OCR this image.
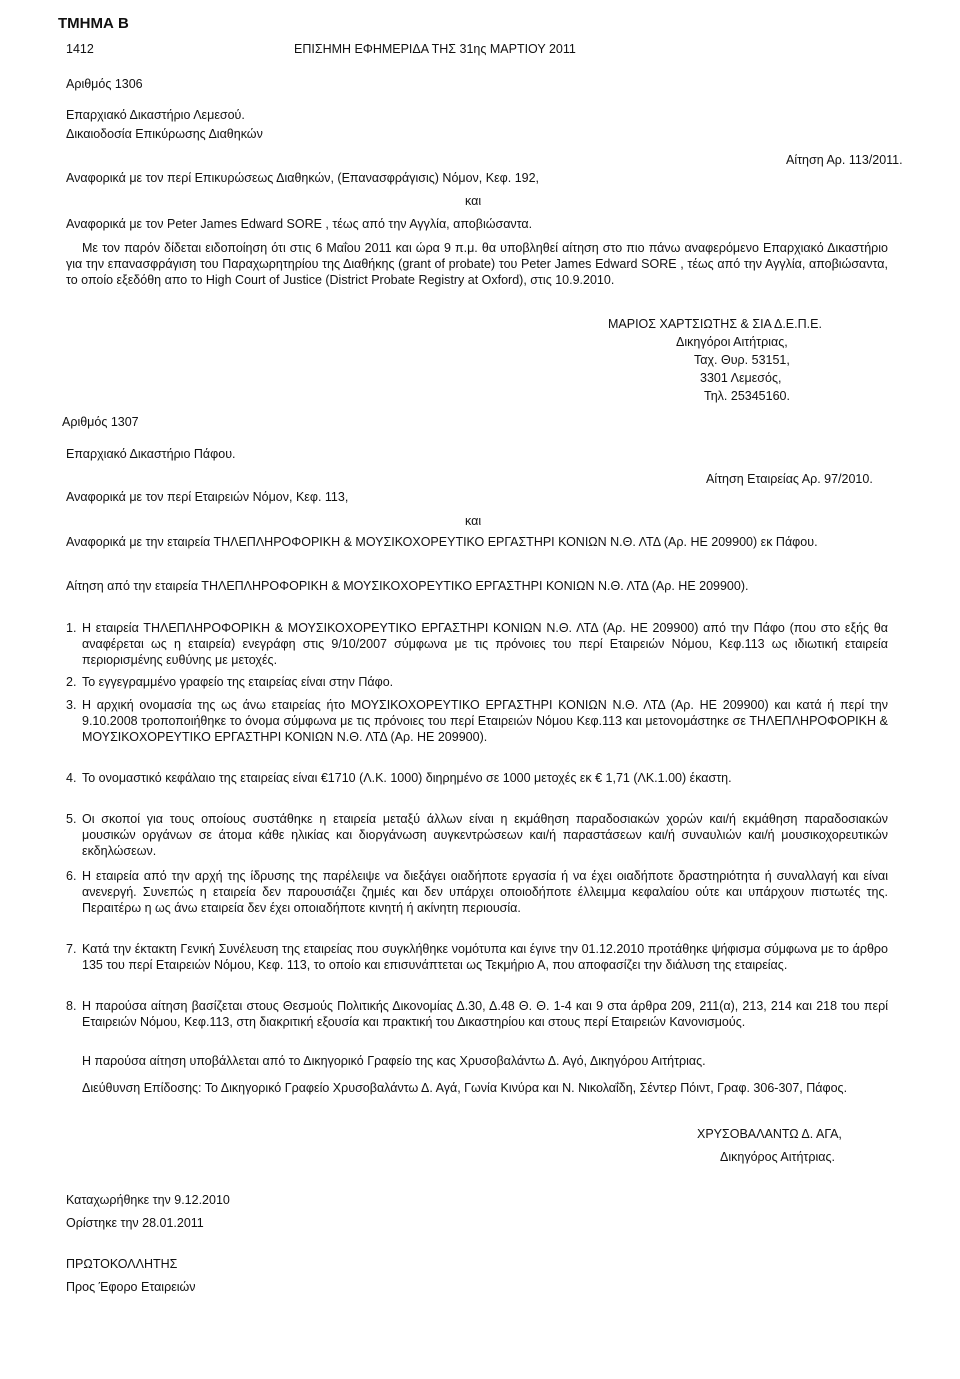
ΤΜΗΜΑ Β
1412	ΕΠΙΣΗΜΗ ΕΦΗΜΕΡΙΔΑ ΤΗΣ 31ης ΜΑΡΤΙΟΥ 2011
Αριθμός 1306
Επαρχιακό Δικαστήριο Λεμεσού.
Δικαιοδοσία Επικύρωσης Διαθηκών
Αίτηση Αρ. 113/2011.
Αναφορικά με τον περί Επικυρώσεως Διαθηκών, (Επανασφράγισις) Νόμον, Κεφ. 192,
και
Αναφορικά με τον Peter James Edward SORE , τέως από την Αγγλία, αποβιώσαντα.
Με τον παρόν δίδεται ειδοποίηση ότι στις 6 Μαΐου 2011 και ώρα 9 π.μ. θα υποβληθεί αίτηση στο πιο πάνω αναφερόμενο Επαρχιακό Δικαστήριο για την επανασφράγιση του Παραχωρητηρίου της Διαθήκης (grant of probate) του Peter James Edward SORE , τέως από την Αγγλία, αποβιώσαντα, το οποίο εξεδόθη απο το High Court of Justice (District Probate Registry at Oxford), στις 10.9.2010.
ΜΑΡΙΟΣ ΧΑΡΤΣΙΩΤΗΣ & ΣΙΑ Δ.Ε.Π.Ε.
Δικηγόροι Αιτήτριας,
Ταχ. Θυρ. 53151,
3301 Λεμεσός,
Τηλ. 25345160.
Αριθμός 1307
Επαρχιακό Δικαστήριο Πάφου.
Αίτηση Εταιρείας Αρ. 97/2010.
Αναφορικά με τον περί Εταιρειών Νόμον, Κεφ. 113,
και
Αναφορικά με την εταιρεία ΤΗΛΕΠΛΗΡΟΦΟΡΙΚΗ & ΜΟΥΣΙΚΟΧΟΡΕΥΤΙΚΟ ΕΡΓΑΣΤΗΡΙ ΚΟΝΙΩΝ Ν.Θ. ΛΤΔ (Αρ. ΗΕ 209900) εκ Πάφου.
Αίτηση από την εταιρεία ΤΗΛΕΠΛΗΡΟΦΟΡΙΚΗ & ΜΟΥΣΙΚΟΧΟΡΕΥΤΙΚΟ ΕΡΓΑΣΤΗΡΙ ΚΟΝΙΩΝ Ν.Θ. ΛΤΔ (Αρ. ΗΕ 209900).
1. Η εταιρεία ΤΗΛΕΠΛΗΡΟΦΟΡΙΚΗ & ΜΟΥΣΙΚΟΧΟΡΕΥΤΙΚΟ ΕΡΓΑΣΤΗΡΙ ΚΟΝΙΩΝ Ν.Θ. ΛΤΔ (Αρ. ΗΕ 209900) από την Πάφο (που στο εξής θα αναφέρεται ως η εταιρεία) ενεγράφη στις 9/10/2007 σύμφωνα με τις πρόνοιες του περί Εταιρειών Νόμου, Κεφ.113 ως ιδιωτική εταιρεία περιορισμένης ευθύνης με μετοχές.
2. Το εγγεγραμμένο γραφείο της εταιρείας είναι στην Πάφο.
3. Η αρχική ονομασία της ως άνω εταιρείας ήτο ΜΟΥΣΙΚΟΧΟΡΕΥΤΙΚΟ ΕΡΓΑΣΤΗΡΙ ΚΟΝΙΩΝ Ν.Θ. ΛΤΔ (Αρ. ΗΕ 209900) και κατά ή περί την 9.10.2008 τροποποιήθηκε το όνομα σύμφωνα με τις πρόνοιες του περί Εταιρειών Νόμου Κεφ.113 και μετονομάστηκε σε ΤΗΛΕΠΛΗΡΟΦΟΡΙΚΗ & ΜΟΥΣΙΚΟΧΟΡΕΥΤΙΚΟ ΕΡΓΑΣΤΗΡΙ ΚΟΝΙΩΝ Ν.Θ. ΛΤΔ (Αρ. ΗΕ 209900).
4. Το ονομαστικό κεφάλαιο της εταιρείας είναι €1710 (Λ.Κ. 1000) διηρημένο σε 1000 μετοχές εκ € 1,71 (ΛΚ.1.00) έκαστη.
5. Οι σκοποί για τους οποίους συστάθηκε η εταιρεία μεταξύ άλλων είναι η εκμάθηση παραδοσιακών χορών και/ή εκμάθηση παραδοσιακών μουσικών οργάνων σε άτομα κάθε ηλικίας και διοργάνωση αυγκεντρώσεων και/ή παραστάσεων και/ή συναυλιών και/ή μουσικοχορευτικών εκδηλώσεων.
6. Η εταιρεία από την αρχή της ίδρυσης της παρέλειψε να διεξάγει οιαδήποτε εργασία ή να έχει οιαδήποτε δραστηριότητα ή συναλλαγή και είναι ανενεργή. Συνεπώς η εταιρεία δεν παρουσιάζει ζημιές και δεν υπάρχει οποιοδήποτε έλλειμμα κεφαλαίου ούτε και υπάρχουν πιστωτές της. Περαιτέρω η ως άνω εταιρεία δεν έχει οποιαδήποτε κινητή ή ακίνητη περιουσία.
7. Κατά την έκτακτη Γενική Συνέλευση της εταιρείας που συγκλήθηκε νομότυπα και έγινε την 01.12.2010 προτάθηκε ψήφισμα σύμφωνα με το άρθρο 135 του περί Εταιρειών Νόμου, Κεφ. 113, το οποίο και επισυνάπτεται ως Τεκμήριο Α, που αποφασίζει την διάλυση της εταιρείας.
8. Η παρούσα αίτηση βασίζεται στους Θεσμούς Πολιτικής Δικονομίας Δ.30, Δ.48 Θ. Θ. 1-4 και 9 στα άρθρα 209, 211(α), 213, 214 και 218 του περί Εταιρειών Νόμου, Κεφ.113, στη διακριτική εξουσία και πρακτική του Δικαστηρίου και στους περί Εταιρειών Κανονισμούς.
Η παρούσα αίτηση υποβάλλεται από το Δικηγορικό Γραφείο της κας Χρυσοβαλάντω Δ. Αγό, Δικηγόρου Αιτήτριας.
Διεύθυνση Επίδοσης: Το Δικηγορικό Γραφείο Χρυσοβαλάντω Δ. Αγά, Γωνία Κινύρα και Ν. Νικολαΐδη, Σέντερ Πόιντ, Γραφ. 306-307, Πάφος.
ΧΡΥΣΟΒΑΛΑΝΤΩ Δ. ΑΓΑ,
Δικηγόρος Αιτήτριας.
Καταχωρήθηκε την 9.12.2010
Ορίστηκε την 28.01.2011
ΠΡΩΤΟΚΟΛΛΗΤΗΣ
Προς Έφορο Εταιρειών
